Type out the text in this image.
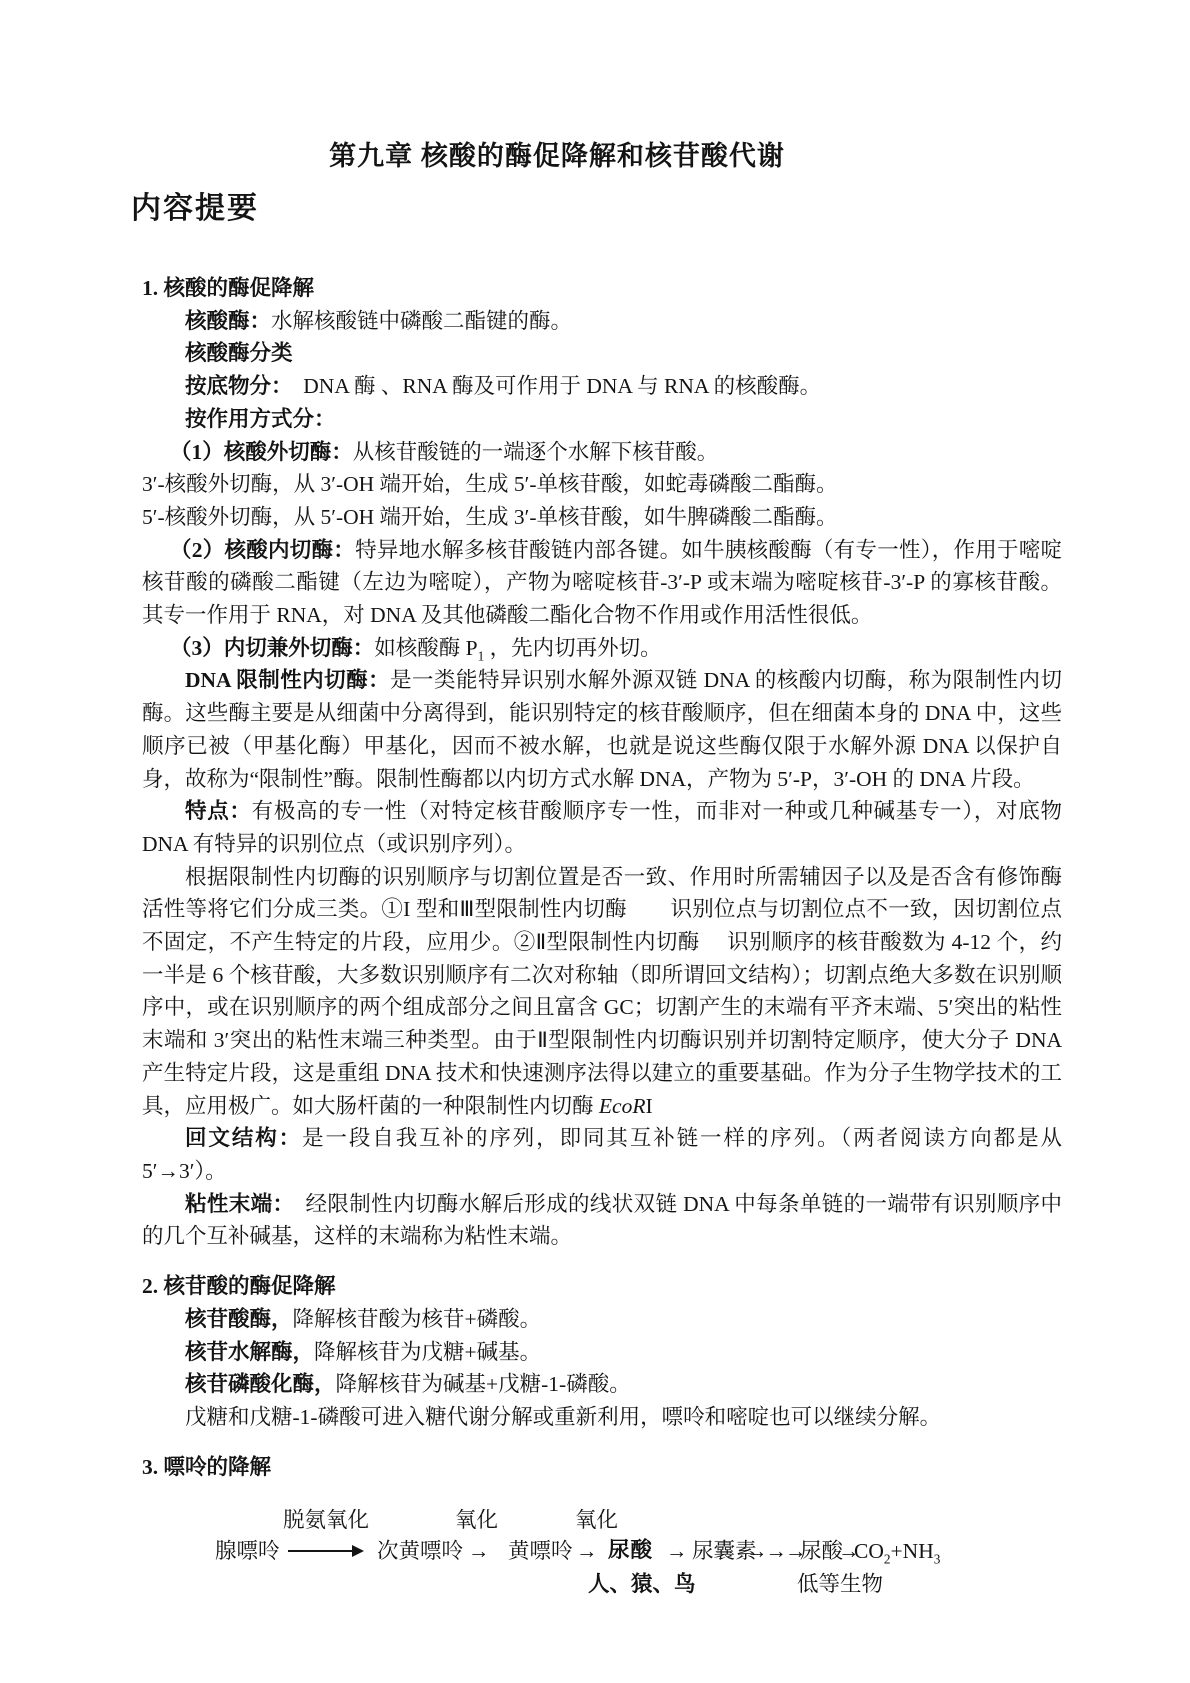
第九章 核酸的酶促降解和核苷酸代谢
内容提要

1. 核酸的酶促降解

核酸酶：水解核酸链中磷酸二酯键的酶。

核酸酶分类

按底物分：　DNA 酶 、RNA 酶及可作用于 DNA 与 RNA 的核酸酶。

按作用方式分：

（1）核酸外切酶：从核苷酸链的一端逐个水解下核苷酸。

3′-核酸外切酶，从 3′-OH 端开始，生成 5′-单核苷酸，如蛇毒磷酸二酯酶。

5′-核酸外切酶，从 5′-OH 端开始，生成 3′-单核苷酸，如牛脾磷酸二酯酶。

（2）核酸内切酶：特异地水解多核苷酸链内部各键。如牛胰核酸酶（有专一性），作用于嘧啶核苷酸的磷酸二酯键（左边为嘧啶），产物为嘧啶核苷-3′-P 或末端为嘧啶核苷-3′-P 的寡核苷酸。其专一作用于 RNA，对 DNA 及其他磷酸二酯化合物不作用或作用活性很低。

（3）内切兼外切酶：如核酸酶 $P_1$ ，先内切再外切。

DNA 限制性内切酶：是一类能特异识别水解外源双链 DNA 的核酸内切酶，称为限制性内切酶。这些酶主要是从细菌中分离得到，能识别特定的核苷酸顺序，但在细菌本身的 DNA 中，这些顺序已被（甲基化酶）甲基化，因而不被水解，也就是说这些酶仅限于水解外源 DNA 以保护自身，故称为“限制性”酶。限制性酶都以内切方式水解 DNA，产物为 5′-P，3′-OH 的 DNA 片段。

特点：有极高的专一性（对特定核苷酸顺序专一性，而非对一种或几种碱基专一），对底物 DNA 有特异的识别位点（或识别序列）。

根据限制性内切酶的识别顺序与切割位置是否一致、作用时所需辅因子以及是否含有修饰酶活性等将它们分成三类。①I 型和Ⅲ型限制性内切酶　　识别位点与切割位点不一致，因切割位点不固定，不产生特定的片段，应用少。②Ⅱ型限制性内切酶　 识别顺序的核苷酸数为 4-12 个，约一半是 6 个核苷酸，大多数识别顺序有二次对称轴（即所谓回文结构）；切割点绝大多数在识别顺序中，或在识别顺序的两个组成部分之间且富含 GC；切割产生的末端有平齐末端、5′突出的粘性末端和 3′突出的粘性末端三种类型。由于Ⅱ型限制性内切酶识别并切割特定顺序，使大分子 DNA 产生特定片段，这是重组 DNA 技术和快速测序法得以建立的重要基础。作为分子生物学技术的工具，应用极广。如大肠杆菌的一种限制性内切酶 EcoRI

回文结构：是一段自我互补的序列，即同其互补链一样的序列。（两者阅读方向都是从 5′→3′）。

粘性末端：　经限制性内切酶水解后形成的线状双链 DNA 中每条单链的一端带有识别顺序中的几个互补碱基，这样的末端称为粘性末端。

2. 核苷酸的酶促降解

核苷酸酶，降解核苷酸为核苷+磷酸。

核苷水解酶，降解核苷为戊糖+碱基。

核苷磷酸化酶，降解核苷为碱基+戊糖-1-磷酸。

戊糖和戊糖-1-磷酸可进入糖代谢分解或重新利用，嘌呤和嘧啶也可以继续分解。

3. 嘌呤的降解

脱氨氧化	氧化	氧化
腺嘌呤	次黄嘌呤 → 黄嘌呤 → 尿酸 → 尿囊素
→→→
尿酸
→
$CO_2+NH_3$
人、猿、鸟	低等生物
